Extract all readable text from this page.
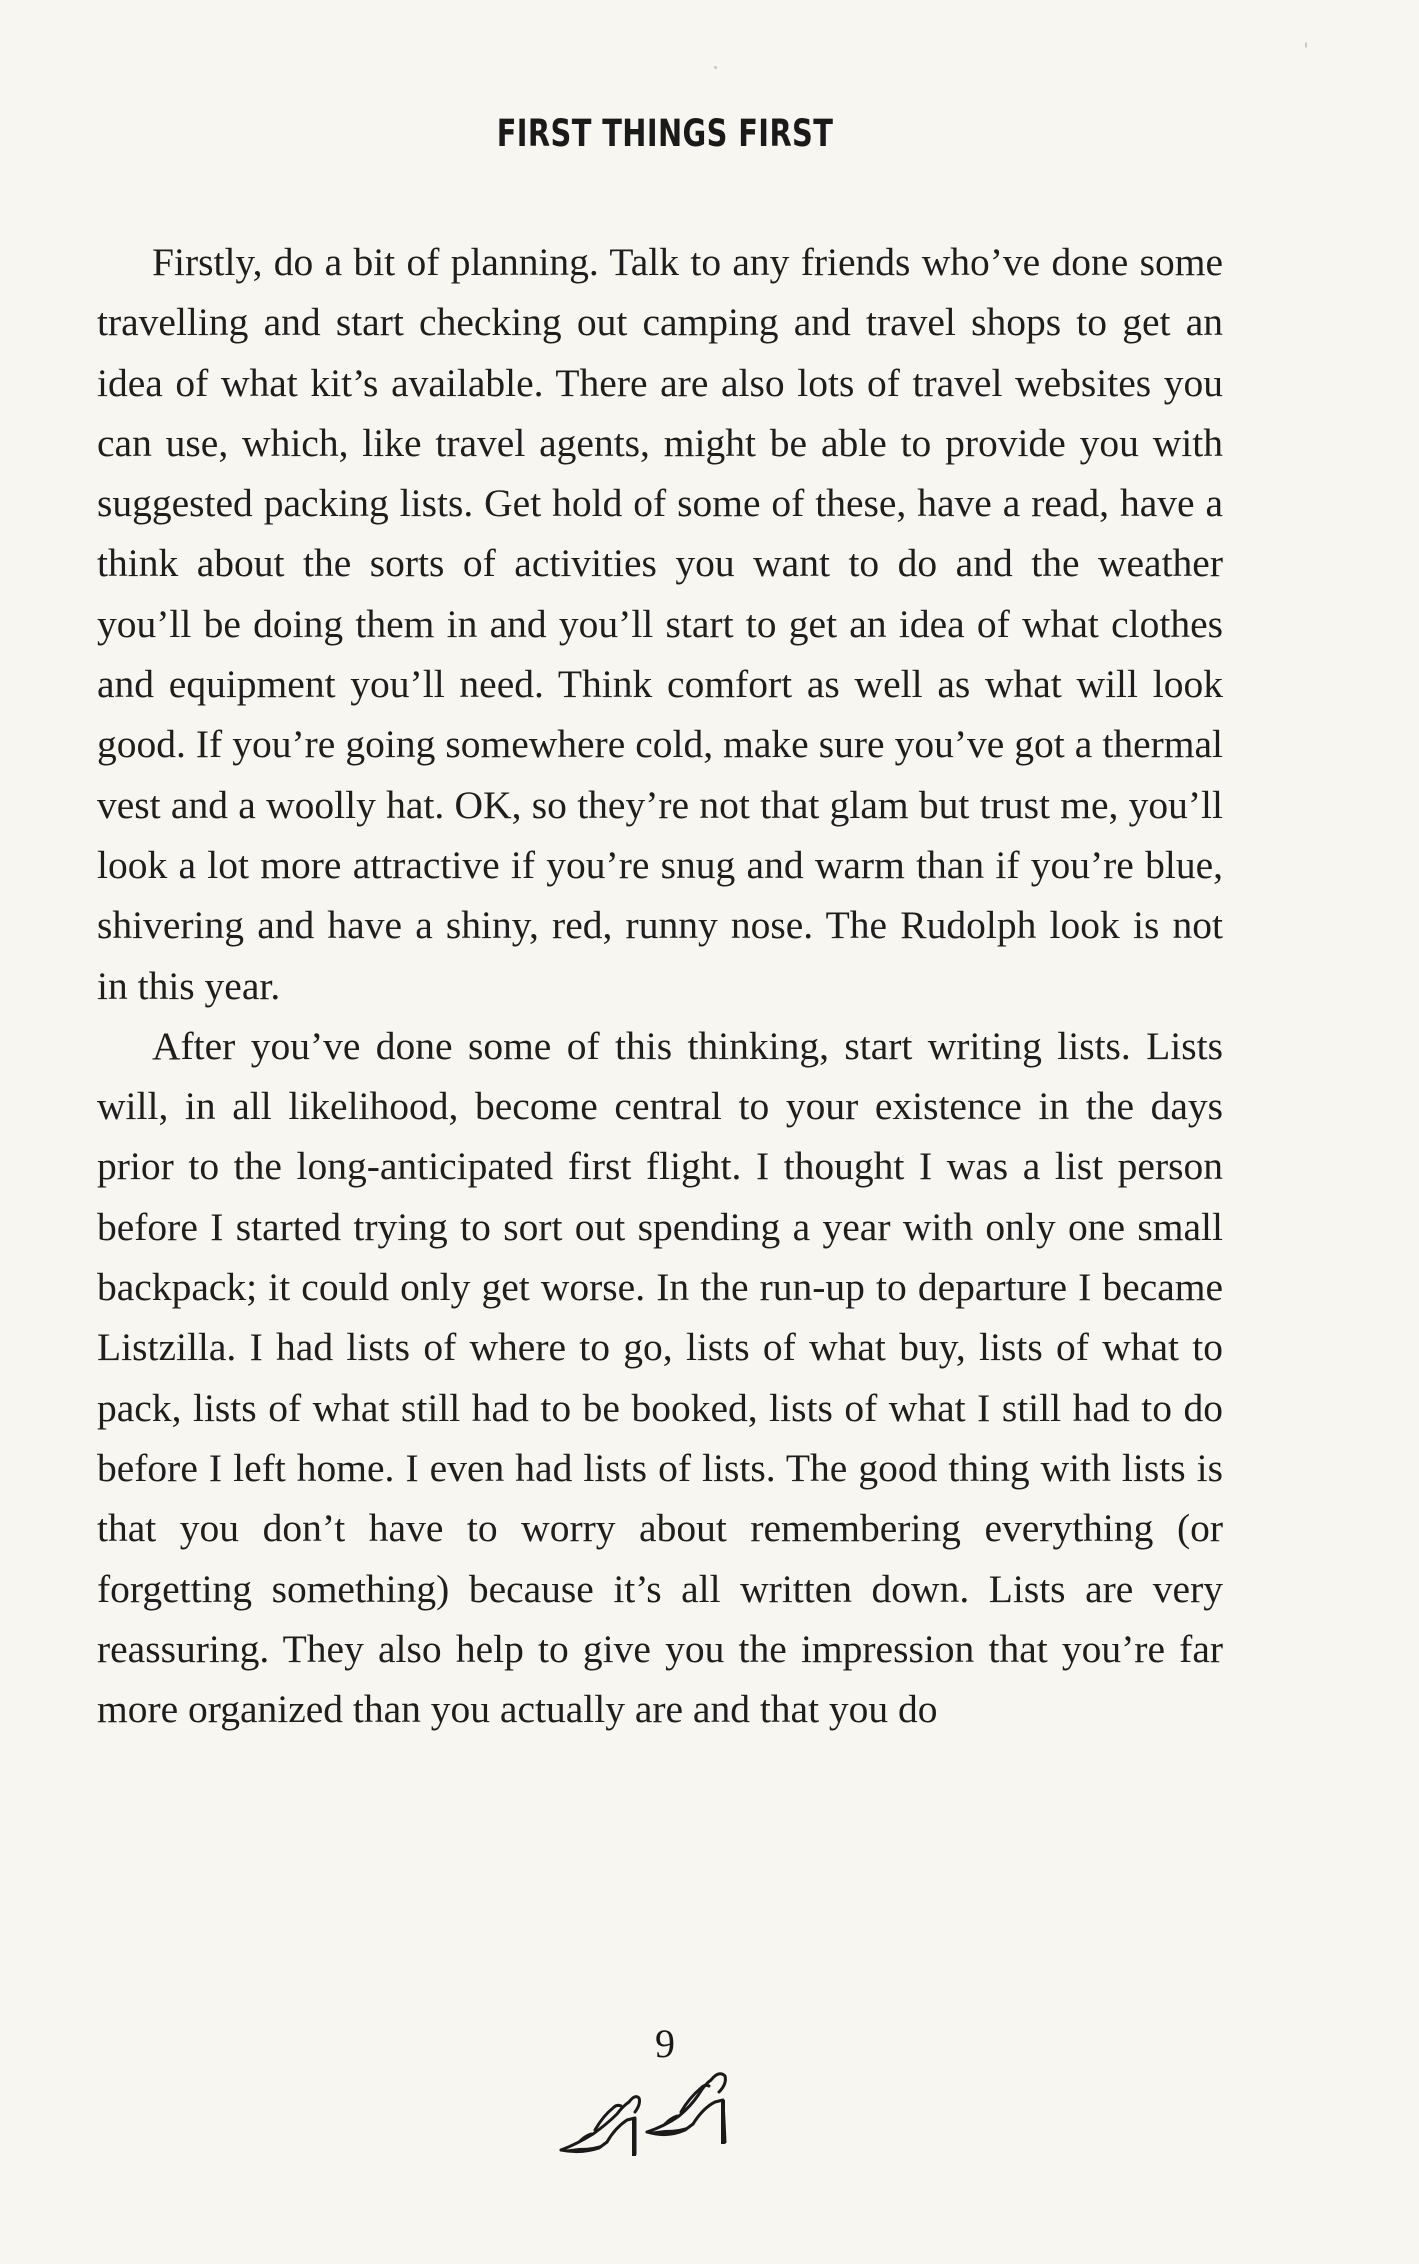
FIRST THINGS FIRST

Firstly, do a bit of planning. Talk to any friends who’ve done some travelling and start checking out camping and travel shops to get an idea of what kit’s available. There are also lots of travel websites you can use, which, like travel agents, might be able to provide you with suggested packing lists. Get hold of some of these, have a read, have a think about the sorts of activities you want to do and the weather you’ll be doing them in and you’ll start to get an idea of what clothes and equipment you’ll need. Think comfort as well as what will look good. If you’re going somewhere cold, make sure you’ve got a thermal vest and a woolly hat. OK, so they’re not that glam but trust me, you’ll look a lot more attractive if you’re snug and warm than if you’re blue, shivering and have a shiny, red, runny nose. The Rudolph look is not in this year.

After you’ve done some of this thinking, start writing lists. Lists will, in all likelihood, become central to your existence in the days prior to the long-anticipated first flight. I thought I was a list person before I started trying to sort out spending a year with only one small backpack; it could only get worse. In the run-up to departure I became Listzilla. I had lists of where to go, lists of what buy, lists of what to pack, lists of what still had to be booked, lists of what I still had to do before I left home. I even had lists of lists. The good thing with lists is that you don’t have to worry about remembering everything (or forgetting something) because it’s all written down. Lists are very reassuring. They also help to give you the impression that you’re far more organized than you actually are and that you do

9
